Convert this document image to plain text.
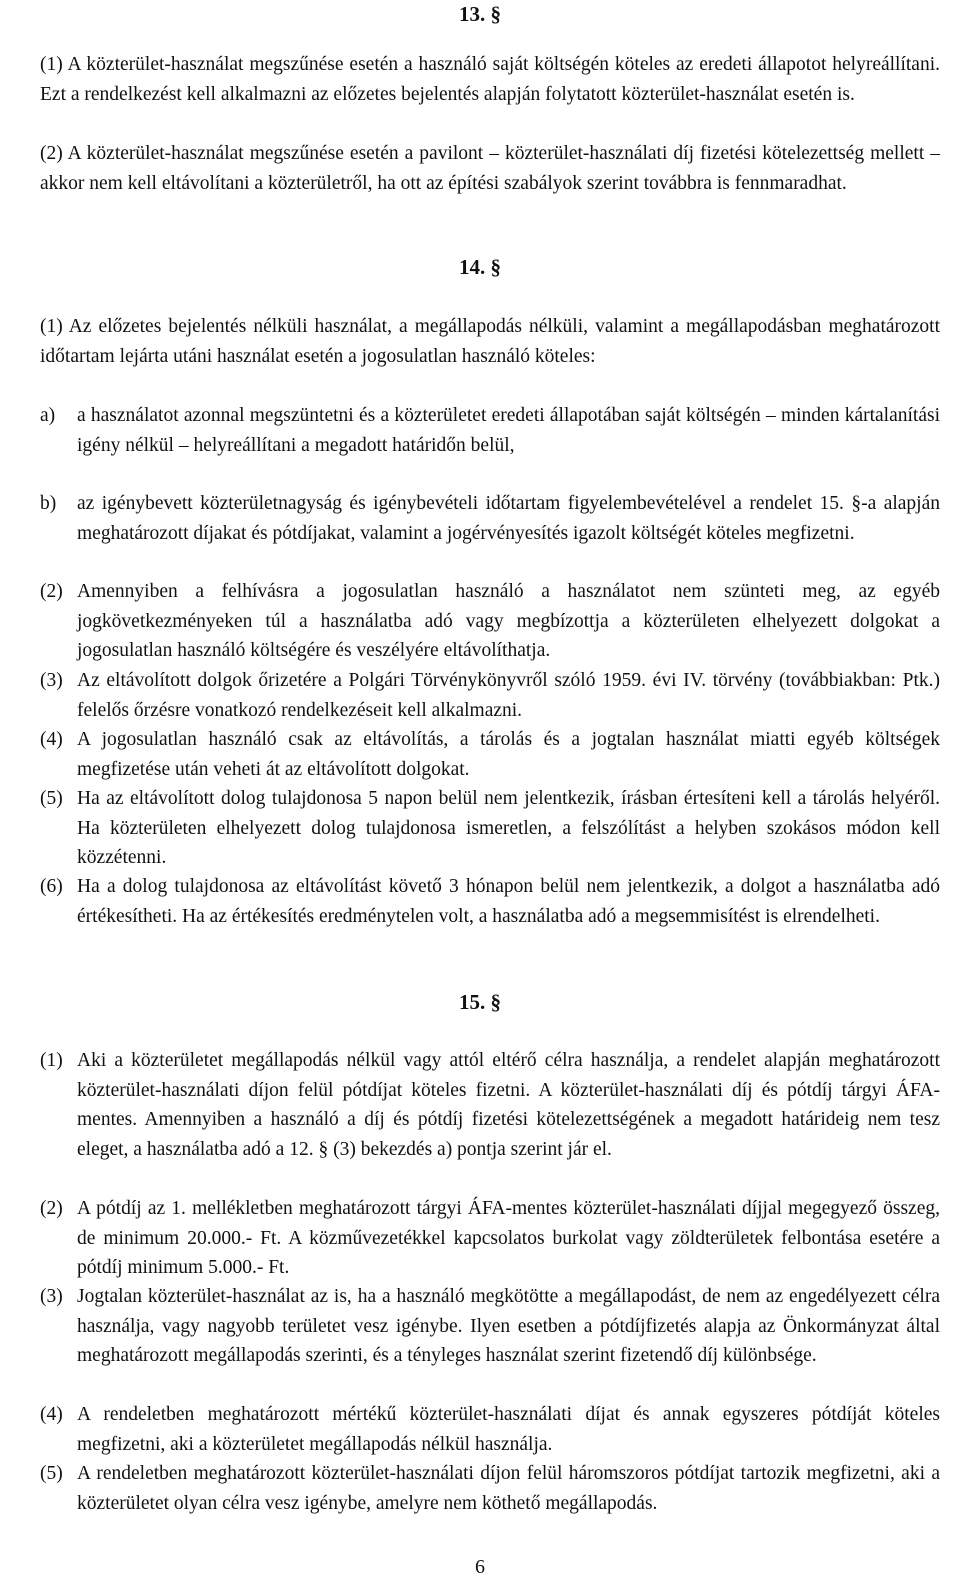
13. §
(1) A közterület-használat megszűnése esetén a használó saját költségén köteles az eredeti állapotot helyreállítani. Ezt a rendelkezést kell alkalmazni az előzetes bejelentés alapján folytatott közterület-használat esetén is.
(2) A közterület-használat megszűnése esetén a pavilont – közterület-használati díj fizetési kötelezettség mellett – akkor nem kell eltávolítani a közterületről, ha ott az építési szabályok szerint továbbra is fennmaradhat.
14. §
(1) Az előzetes bejelentés nélküli használat, a megállapodás nélküli, valamint a megállapodásban meghatározott időtartam lejárta utáni használat esetén a jogosulatlan használó köteles:
a) a használatot azonnal megszüntetni és a közterületet eredeti állapotában saját költségén – minden kártalanítási igény nélkül – helyreállítani a megadott határidőn belül,
b) az igénybevett közterületnagyság és igénybevételi időtartam figyelembevételével a rendelet 15. §-a alapján meghatározott díjakat és pótdíjakat, valamint a jogérvényesítés igazolt költségét köteles megfizetni.
(2) Amennyiben a felhívásra a jogosulatlan használó a használatot nem szünteti meg, az egyéb jogkövetkezményeken túl a használatba adó vagy megbízottja a közterületen elhelyezett dolgokat a jogosulatlan használó költségére és veszélyére eltávolíthatja.
(3) Az eltávolított dolgok őrizetére a Polgári Törvénykönyvről szóló 1959. évi IV. törvény (továbbiakban: Ptk.) felelős őrzésre vonatkozó rendelkezéseit kell alkalmazni.
(4) A jogosulatlan használó csak az eltávolítás, a tárolás és a jogtalan használat miatti egyéb költségek megfizetése után veheti át az eltávolított dolgokat.
(5) Ha az eltávolított dolog tulajdonosa 5 napon belül nem jelentkezik, írásban értesíteni kell a tárolás helyéről. Ha közterületen elhelyezett dolog tulajdonosa ismeretlen, a felszólítást a helyben szokásos módon kell közzétenni.
(6) Ha a dolog tulajdonosa az eltávolítást követő 3 hónapon belül nem jelentkezik, a dolgot a használatba adó értékesítheti. Ha az értékesítés eredménytelen volt, a használatba adó a megsemmisítést is elrendelheti.
15. §
(1) Aki a közterületet megállapodás nélkül vagy attól eltérő célra használja, a rendelet alapján meghatározott közterület-használati díjon felül pótdíjat köteles fizetni. A közterület-használati díj és pótdíj tárgyi ÁFA-mentes. Amennyiben a használó a díj és pótdíj fizetési kötelezettségének a megadott határideig nem tesz eleget, a használatba adó a 12. § (3) bekezdés a) pontja szerint jár el.
(2) A pótdíj az 1. mellékletben meghatározott tárgyi ÁFA-mentes közterület-használati díjjal megegyező összeg, de minimum 20.000.- Ft. A közművezetékkel kapcsolatos burkolat vagy zöldterületek felbontása esetére a pótdíj minimum 5.000.- Ft.
(3) Jogtalan közterület-használat az is, ha a használó megkötötte a megállapodást, de nem az engedélyezett célra használja, vagy nagyobb területet vesz igénybe. Ilyen esetben a pótdíjfizetés alapja az Önkormányzat által meghatározott megállapodás szerinti, és a tényleges használat szerint fizetendő díj különbsége.
(4) A rendeletben meghatározott mértékű közterület-használati díjat és annak egyszeres pótdíját köteles megfizetni, aki a közterületet megállapodás nélkül használja.
(5) A rendeletben meghatározott közterület-használati díjon felül háromszoros pótdíjat tartozik megfizetni, aki a közterületet olyan célra vesz igénybe, amelyre nem köthető megállapodás.
6
